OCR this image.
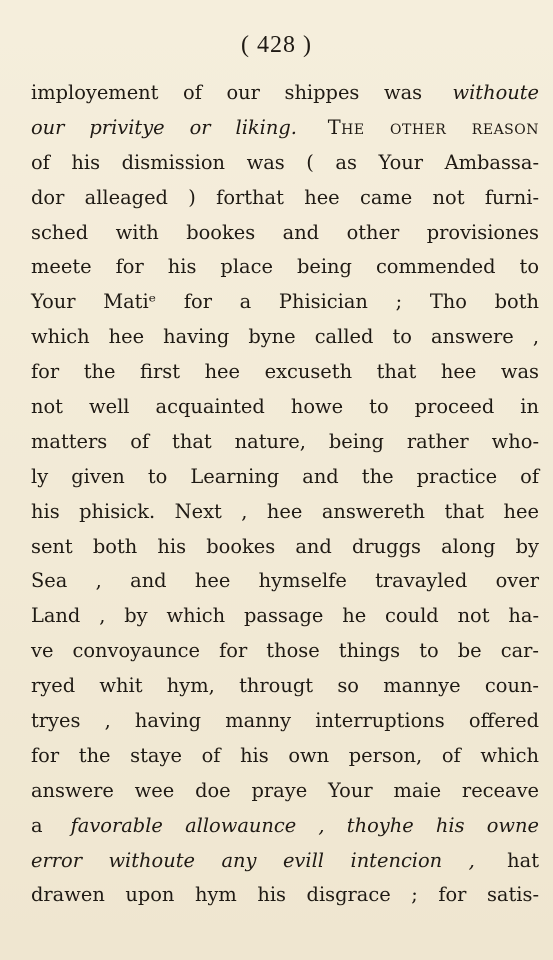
( 428 )
imployement of our shippes was withoute
our privitye or liking. The other reason
of his dismission was ( as Your Ambassa-
dor alleaged ) forthat hee came not furni-
sched with bookes and other provisiones
meete for his place being commended to
Your Matiᵉ for a Phisician ; Tho both
which hee having byne called to answere ,
for the first hee excuseth that hee was
not well acquainted howe to proceed in
matters of that nature, being rather who-
ly given to Learning and the practice of
his phisick. Next , hee answereth that hee
sent both his bookes and druggs along by
Sea , and hee hymselfe travayled over
Land , by which passage he could not ha-
ve convoyaunce for those things to be car-
ryed whit hym, througt so mannye coun-
tryes , having manny interruptions offered
for the staye of his own person, of which
answere wee doe praye Your maie receave
a favorable allowaunce , thoyhe his owne
error withoute any evill intencion , hat
drawen upon hym his disgrace ; for satis-
